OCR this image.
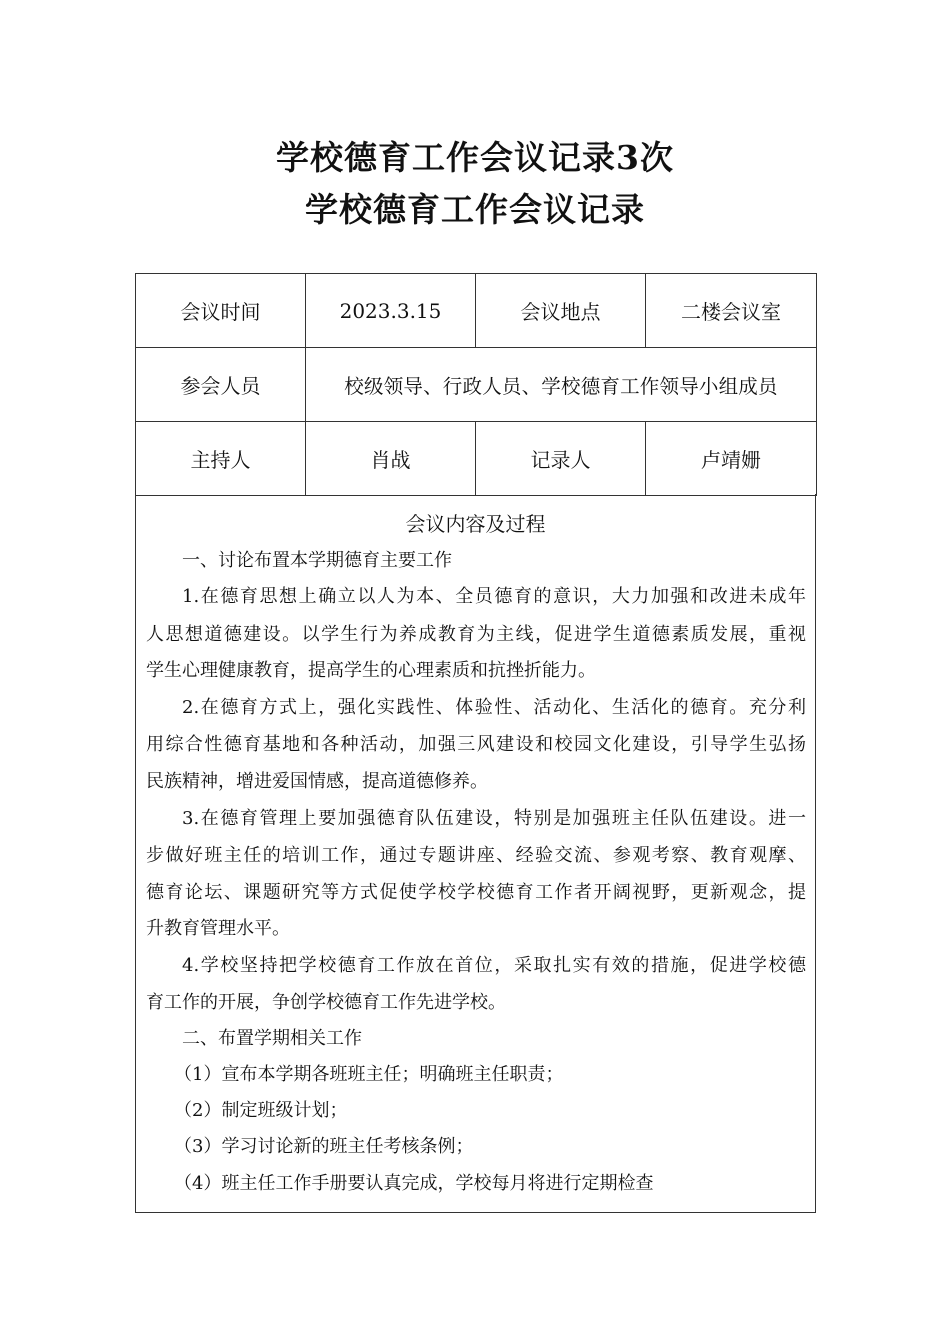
学校德育工作会议记录3次
学校德育工作会议记录
会议时间	2023.3.15	会议地点	二楼会议室
参会人员	校级领导、行政人员、学校德育工作领导小组成员		
主持人	肖战	记录人	卢靖姗
会议内容及过程
一、讨论布置本学期德育主要工作
1.在德育思想上确立以人为本、全员德育的意识，大力加强和改进未成年
人思想道德建设。以学生行为养成教育为主线，促进学生道德素质发展，重视
学生心理健康教育，提高学生的心理素质和抗挫折能力。
2.在德育方式上，强化实践性、体验性、活动化、生活化的德育。充分利
用综合性德育基地和各种活动，加强三风建设和校园文化建设，引导学生弘扬
民族精神，增进爱国情感，提高道德修养。
3.在德育管理上要加强德育队伍建设，特别是加强班主任队伍建设。进一
步做好班主任的培训工作，通过专题讲座、经验交流、参观考察、教育观摩、
德育论坛、课题研究等方式促使学校学校德育工作者开阔视野，更新观念，提
升教育管理水平。
4.学校坚持把学校德育工作放在首位，采取扎实有效的措施，促进学校德
育工作的开展，争创学校德育工作先进学校。
二、布置学期相关工作
（1）宣布本学期各班班主任；明确班主任职责；
（2）制定班级计划；
（3）学习讨论新的班主任考核条例；
（4）班主任工作手册要认真完成，学校每月将进行定期检查
